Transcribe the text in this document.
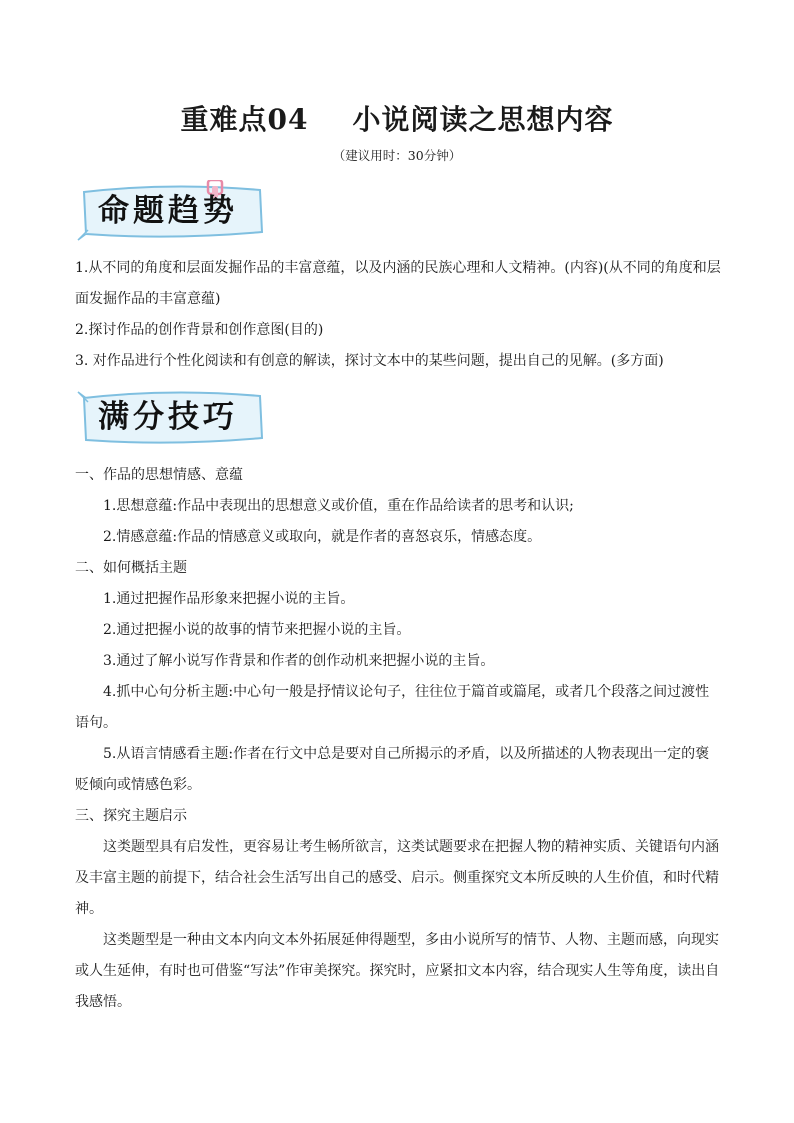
重难点04 小说阅读之思想内容
（建议用时：30分钟）
命题趋势

1.从不同的角度和层面发掘作品的丰富意蕴，以及内涵的民族心理和人文精神。(内容)(从不同的角度和层面发掘作品的丰富意蕴)

2.探讨作品的创作背景和创作意图(目的)

3. 对作品进行个性化阅读和有创意的解读，探讨文本中的某些问题，提出自己的见解。(多方面)

满分技巧

一、作品的思想情感、意蕴

1.思想意蕴:作品中表现出的思想意义或价值，重在作品给读者的思考和认识;

2.情感意蕴:作品的情感意义或取向，就是作者的喜怒哀乐，情感态度。

二、如何概括主题

1.通过把握作品形象来把握小说的主旨。

2.通过把握小说的故事的情节来把握小说的主旨。

3.通过了解小说写作背景和作者的创作动机来把握小说的主旨。

4.抓中心句分析主题:中心句一般是抒情议论句子，往往位于篇首或篇尾，或者几个段落之间过渡性语句。

5.从语言情感看主题:作者在行文中总是要对自己所揭示的矛盾，以及所描述的人物表现出一定的褒贬倾向或情感色彩。

三、探究主题启示

这类题型具有启发性，更容易让考生畅所欲言，这类试题要求在把握人物的精神实质、关键语句内涵及丰富主题的前提下，结合社会生活写出自己的感受、启示。侧重探究文本所反映的人生价值，和时代精神。

这类题型是一种由文本内向文本外拓展延伸得题型，多由小说所写的情节、人物、主题而感，向现实或人生延伸，有时也可借鉴“写法”作审美探究。探究时，应紧扣文本内容，结合现实人生等角度，读出自我感悟。
